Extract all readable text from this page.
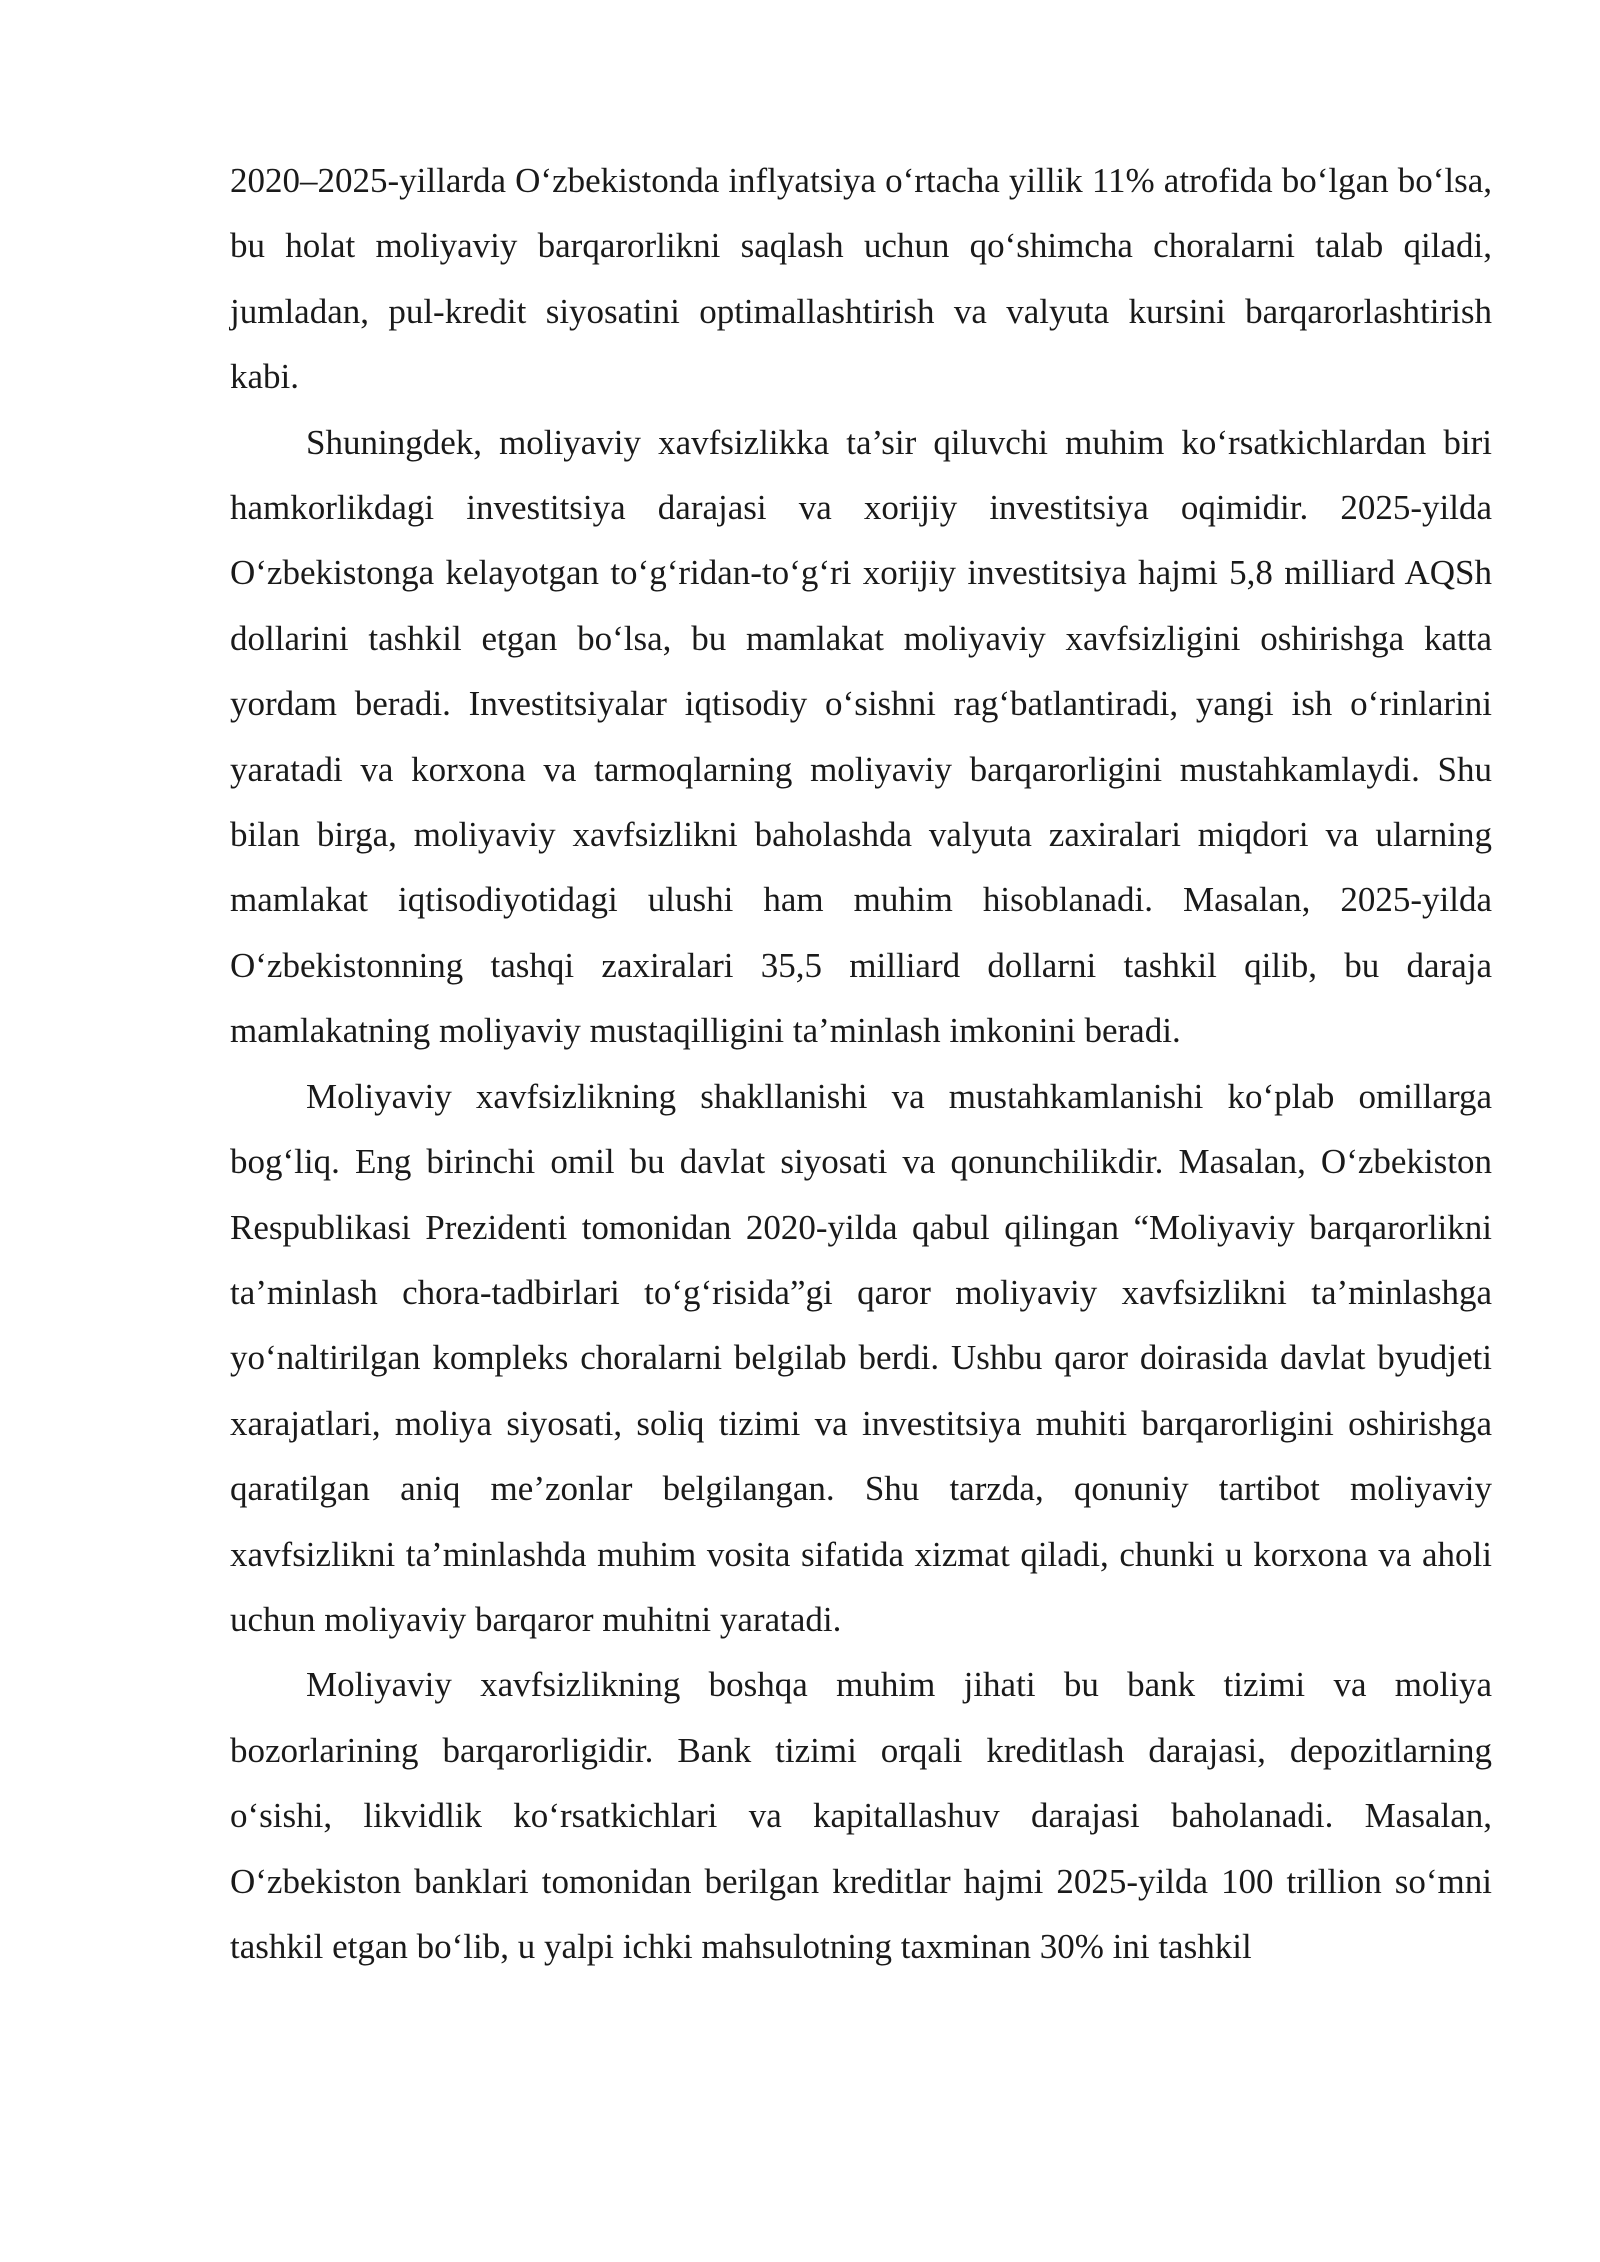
2020–2025-yillarda O‘zbekistonda inflyatsiya o‘rtacha yillik 11% atrofida bo‘lgan bo‘lsa, bu holat moliyaviy barqarorlikni saqlash uchun qo‘shimcha choralarni talab qiladi, jumladan, pul-kredit siyosatini optimallashtirish va valyuta kursini barqarorlashtirish kabi.

Shuningdek, moliyaviy xavfsizlikka ta’sir qiluvchi muhim ko‘rsatkichlardan biri hamkorlikdagi investitsiya darajasi va xorijiy investitsiya oqimidir. 2025-yilda O‘zbekistonga kelayotgan to‘g‘ridan-to‘g‘ri xorijiy investitsiya hajmi 5,8 milliard AQSh dollarini tashkil etgan bo‘lsa, bu mamlakat moliyaviy xavfsizligini oshirishga katta yordam beradi. Investitsiyalar iqtisodiy o‘sishni rag‘batlantiradi, yangi ish o‘rinlarini yaratadi va korxona va tarmoqlarning moliyaviy barqarorligini mustahkamlaydi. Shu bilan birga, moliyaviy xavfsizlikni baholashda valyuta zaxiralari miqdori va ularning mamlakat iqtisodiyotidagi ulushi ham muhim hisoblanadi. Masalan, 2025-yilda O‘zbekistonning tashqi zaxiralari 35,5 milliard dollarni tashkil qilib, bu daraja mamlakatning moliyaviy mustaqilligini ta’minlash imkonini beradi.

Moliyaviy xavfsizlikning shakllanishi va mustahkamlanishi ko‘plab omillarga bog‘liq. Eng birinchi omil bu davlat siyosati va qonunchilikdir. Masalan, O‘zbekiston Respublikasi Prezidenti tomonidan 2020-yilda qabul qilingan “Moliyaviy barqarorlikni ta’minlash chora-tadbirlari to‘g‘risida”gi qaror moliyaviy xavfsizlikni ta’minlashga yo‘naltirilgan kompleks choralarni belgilab berdi. Ushbu qaror doirasida davlat byudjeti xarajatlari, moliya siyosati, soliq tizimi va investitsiya muhiti barqarorligini oshirishga qaratilgan aniq me’zonlar belgilangan. Shu tarzda, qonuniy tartibot moliyaviy xavfsizlikni ta’minlashda muhim vosita sifatida xizmat qiladi, chunki u korxona va aholi uchun moliyaviy barqaror muhitni yaratadi.

Moliyaviy xavfsizlikning boshqa muhim jihati bu bank tizimi va moliya bozorlarining barqarorligidir. Bank tizimi orqali kreditlash darajasi, depozitlarning o‘sishi, likvidlik ko‘rsatkichlari va kapitallashuv darajasi baholanadi. Masalan, O‘zbekiston banklari tomonidan berilgan kreditlar hajmi 2025-yilda 100 trillion so‘mni tashkil etgan bo‘lib, u yalpi ichki mahsulotning taxminan 30% ini tashkil
